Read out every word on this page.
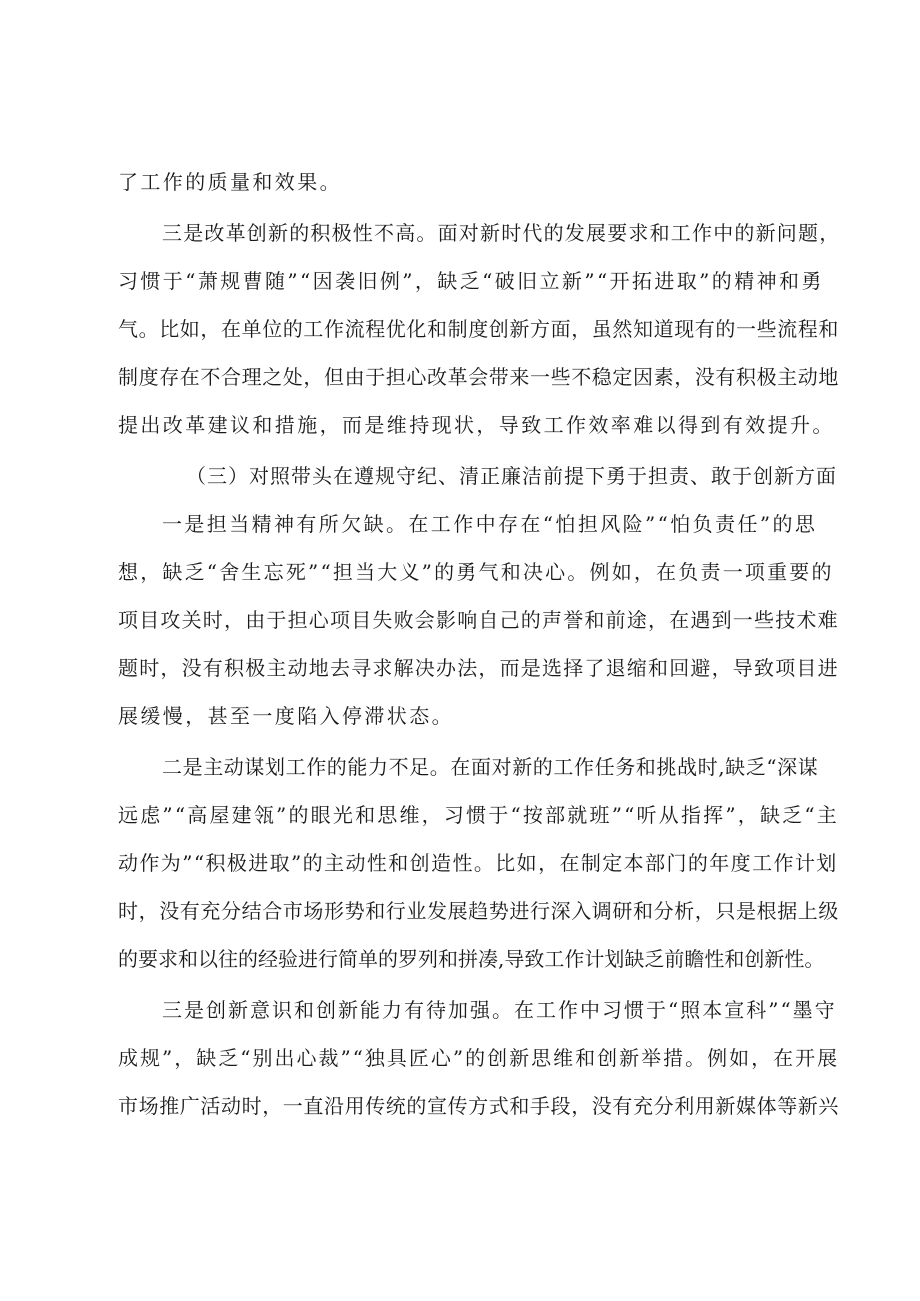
了工作的质量和效果。
三是改革创新的积极性不高。面对新时代的发展要求和工作中的新问题，
习惯于“萧规曹随”“因袭旧例”，缺乏“破旧立新”“开拓进取”的精神和勇
气。比如，在单位的工作流程优化和制度创新方面，虽然知道现有的一些流程和
制度存在不合理之处，但由于担心改革会带来一些不稳定因素，没有积极主动地
提出改革建议和措施，而是维持现状，导致工作效率难以得到有效提升。
（三）对照带头在遵规守纪、清正廉洁前提下勇于担责、敢于创新方面
一是担当精神有所欠缺。在工作中存在“怕担风险”“怕负责任”的思
想，缺乏“舍生忘死”“担当大义”的勇气和决心。例如，在负责一项重要的
项目攻关时，由于担心项目失败会影响自己的声誉和前途，在遇到一些技术难
题时，没有积极主动地去寻求解决办法，而是选择了退缩和回避，导致项目进
展缓慢，甚至一度陷入停滞状态。
二是主动谋划工作的能力不足。在面对新的工作任务和挑战时,缺乏“深谋
远虑”“高屋建瓴”的眼光和思维，习惯于“按部就班”“听从指挥”，缺乏“主
动作为”“积极进取”的主动性和创造性。比如，在制定本部门的年度工作计划
时，没有充分结合市场形势和行业发展趋势进行深入调研和分析，只是根据上级
的要求和以往的经验进行简单的罗列和拼凑,导致工作计划缺乏前瞻性和创新性。
三是创新意识和创新能力有待加强。在工作中习惯于“照本宣科”“墨守
成规”，缺乏“别出心裁”“独具匠心”的创新思维和创新举措。例如，在开展
市场推广活动时，一直沿用传统的宣传方式和手段，没有充分利用新媒体等新兴
